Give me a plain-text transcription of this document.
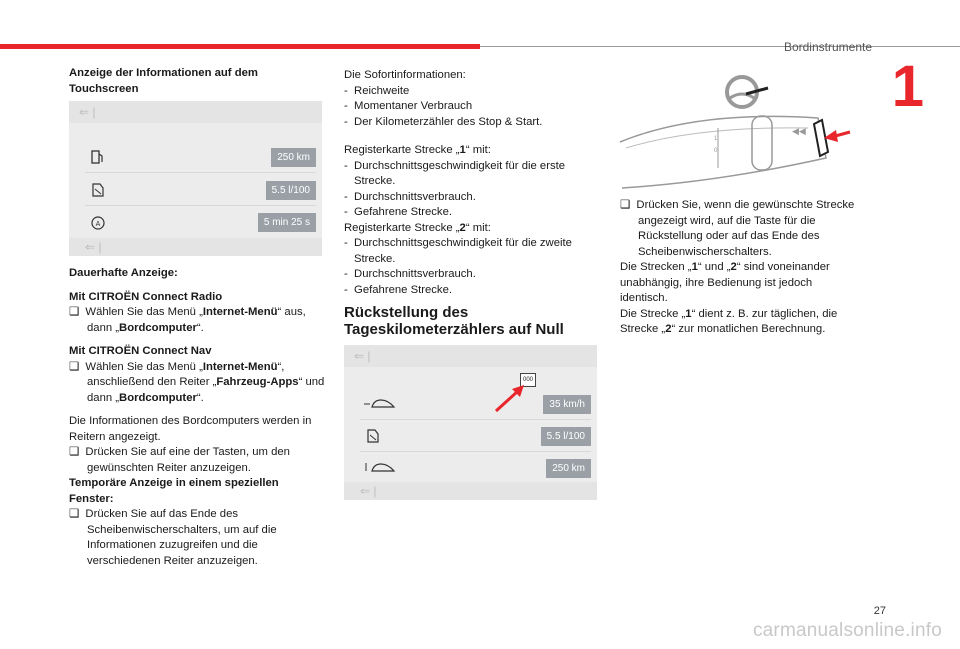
Bordinstrumente
1

Anzeige der Informationen auf dem Touchscreen

⇐ |
250 km
5.5 l/100
A	5 min 25 s
⇐ |

Dauerhafte Anzeige:

Mit CITROËN Connect Radio

❑  Wählen Sie das Menü „Internet-Menü“ aus, dann „Bordcomputer“.

Mit CITROËN Connect Nav

❑  Wählen Sie das Menü „Internet-Menü“, anschließend den Reiter „Fahrzeug-Apps“ und dann „Bordcomputer“.

Die Informationen des Bordcomputers werden in Reitern angezeigt.

❑  Drücken Sie auf eine der Tasten, um den gewünschten Reiter anzuzeigen.

Temporäre Anzeige in einem speziellen Fenster:

❑  Drücken Sie auf das Ende des Scheibenwischerschalters, um auf die Informationen zuzugreifen und die verschiedenen Reiter anzuzeigen.

Die Sofortinformationen:

-  Reichweite

-  Momentaner Verbrauch

-  Der Kilometerzähler des Stop & Start.

Registerkarte Strecke „1“ mit:

-  Durchschnittsgeschwindigkeit für die erste Strecke.

-  Durchschnittsverbrauch.

-  Gefahrene Strecke.

Registerkarte Strecke „2“ mit:

-  Durchschnittsgeschwindigkeit für die zweite Strecke.

-  Durchschnittsverbrauch.

-  Gefahrene Strecke.

Rückstellung des
Tageskilometerzählers auf Null
⇐ |
000
35 km/h
5.5 l/100
250 km
⇐ |
1
0
◀◀

❑  Drücken Sie, wenn die gewünschte Strecke angezeigt wird, auf die Taste für die Rückstellung oder auf das Ende des Scheibenwischerschalters.

Die Strecken „1“ und „2“ sind voneinander unabhängig, ihre Bedienung ist jedoch identisch.

Die Strecke „1“ dient z. B. zur täglichen, die Strecke „2“ zur monatlichen Berechnung.

27
carmanualsonline.info
